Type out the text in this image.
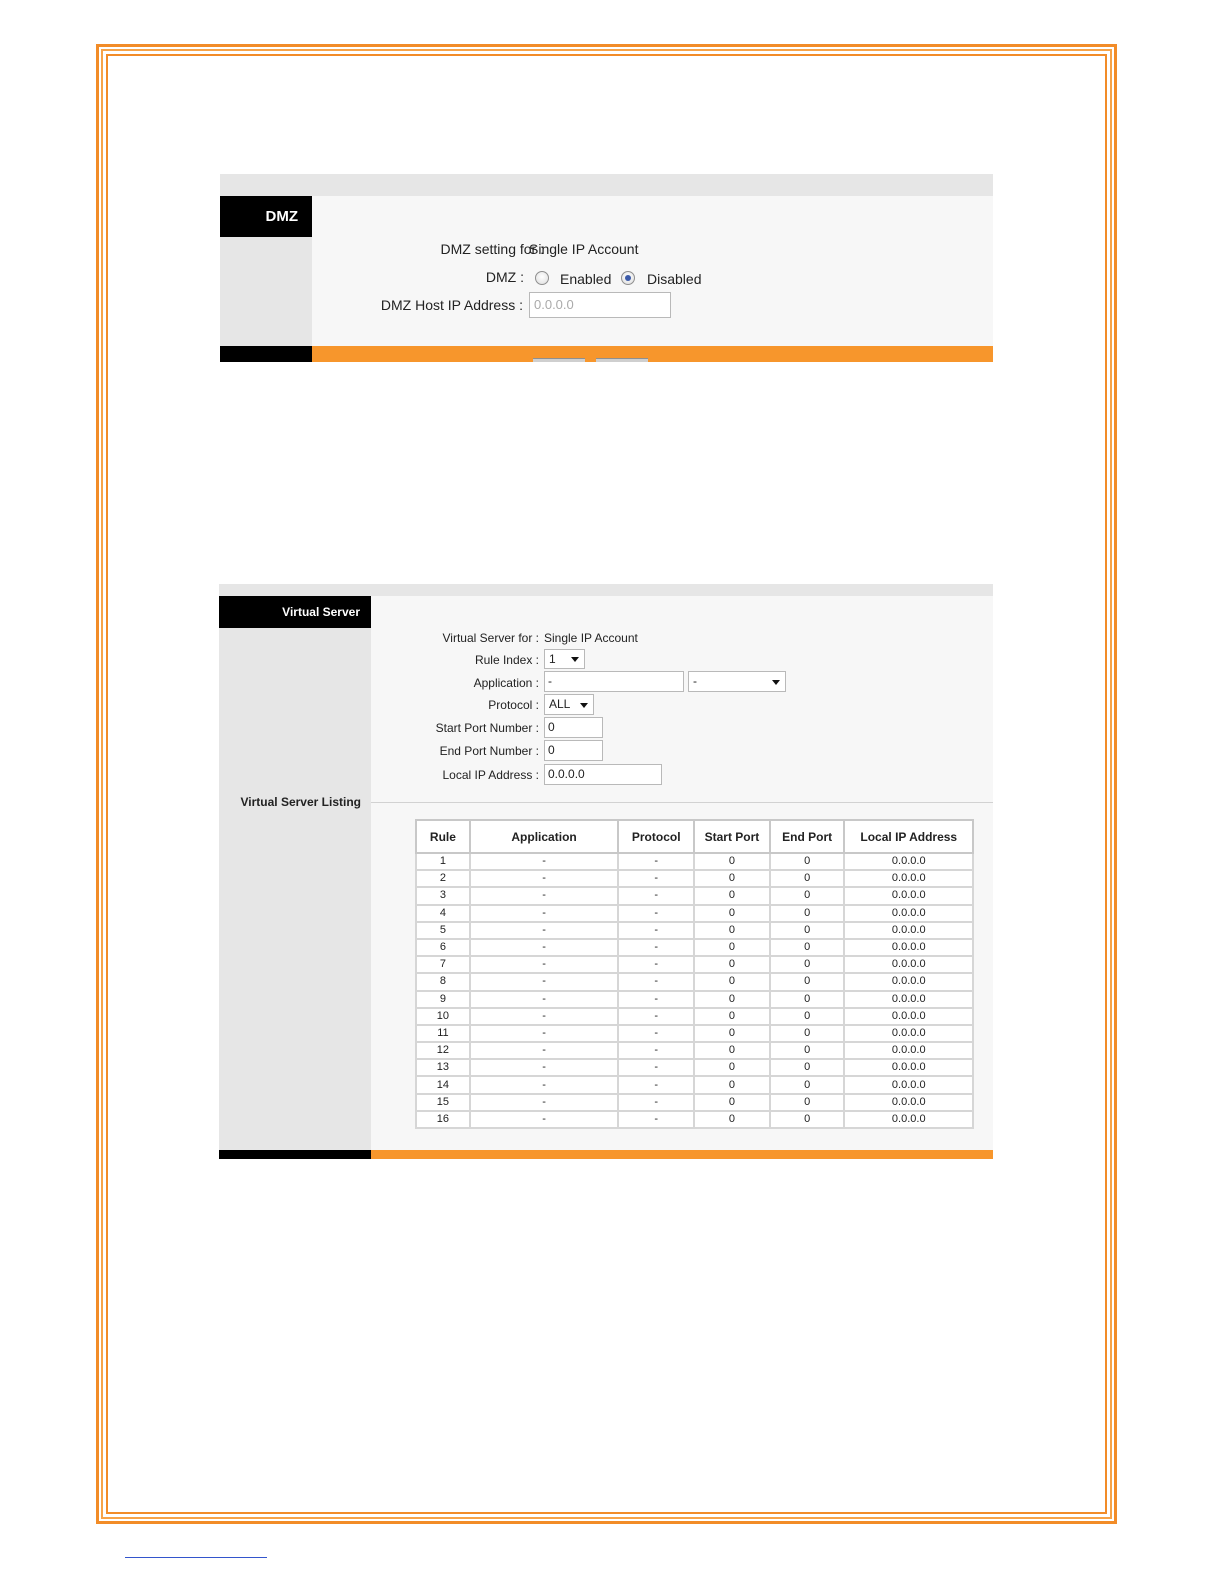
DMZ
DMZ setting for :
Single IP Account
DMZ :	Enabled	Disabled
DMZ Host IP Address : 0.0.0.0
Virtual Server
Virtual Server Listing
Virtual Server for : Single IP Account
Rule Index : 1
Application : -	-
Protocol : ALL
Start Port Number : 0
End Port Number : 0
Local IP Address : 0.0.0.0
Rule	Application	Protocol	Start Port	End Port	Local IP Address
1	-	-	0	0	0.0.0.0
2	-	-	0	0	0.0.0.0
3	-	-	0	0	0.0.0.0
4	-	-	0	0	0.0.0.0
5	-	-	0	0	0.0.0.0
6	-	-	0	0	0.0.0.0
7	-	-	0	0	0.0.0.0
8	-	-	0	0	0.0.0.0
9	-	-	0	0	0.0.0.0
10	-	-	0	0	0.0.0.0
11	-	-	0	0	0.0.0.0
12	-	-	0	0	0.0.0.0
13	-	-	0	0	0.0.0.0
14	-	-	0	0	0.0.0.0
15	-	-	0	0	0.0.0.0
16	-	-	0	0	0.0.0.0
